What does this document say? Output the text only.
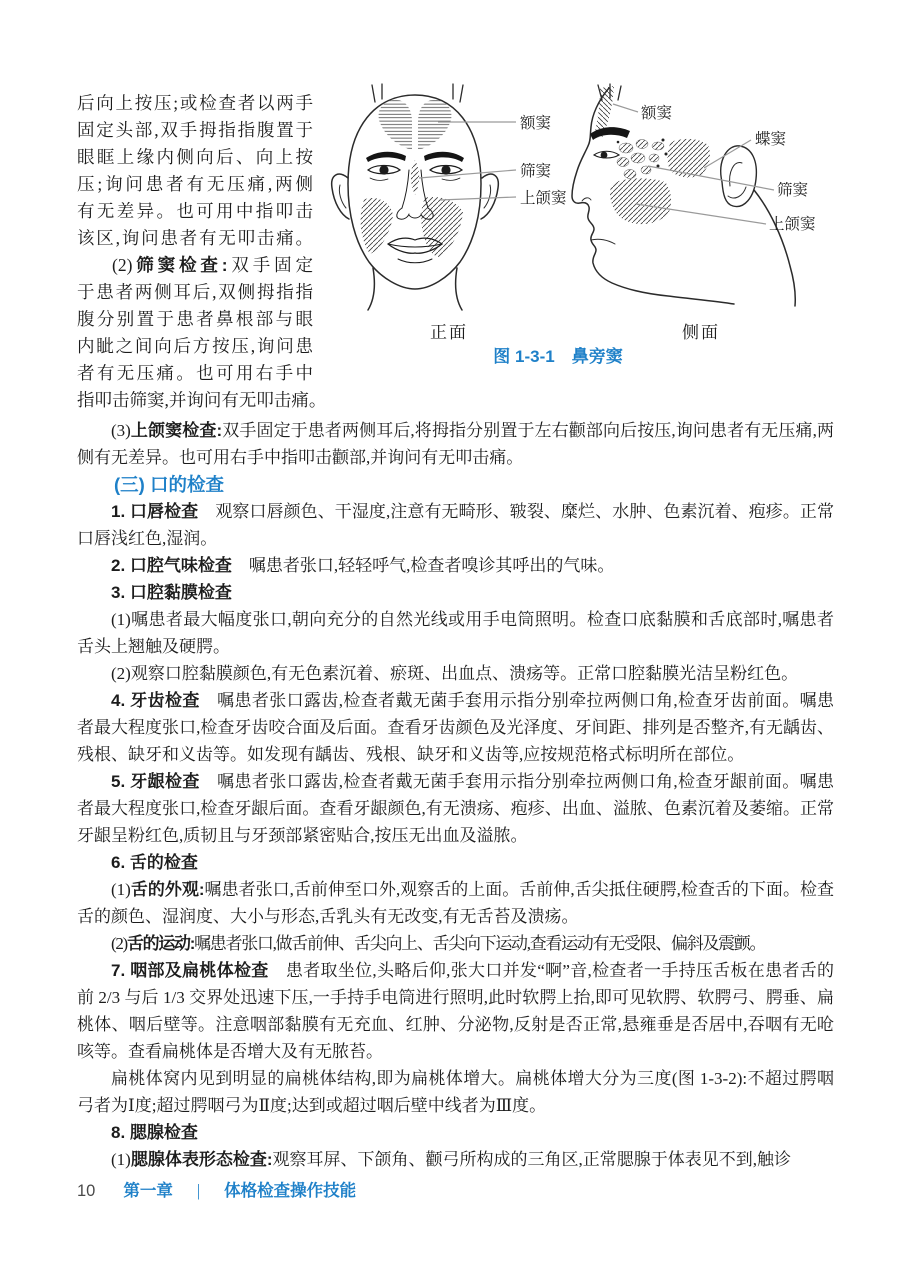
后向上按压;或检查者以两手
固定头部,双手拇指指腹置于
眼眶上缘内侧向后、向上按
压;询问患者有无压痛,两侧
有无差异。也可用中指叩击
该区,询问患者有无叩击痛。
(2)筛窦检查:双手固定
于患者两侧耳后,双侧拇指指
腹分别置于患者鼻根部与眼
内眦之间向后方按压,询问患
者有无压痛。也可用右手中
指叩击筛窦,并询问有无叩击痛。
额窦
筛窦
上颌窦
额窦
蝶窦
筛窦
上颌窦
正面	侧面
图 1-3-1　鼻旁窦

(3)上颌窦检查:双手固定于患者两侧耳后,将拇指分别置于左右颧部向后按压,询问患者有无压痛,两侧有无差异。也可用右手中指叩击颧部,并询问有无叩击痛。

(三) 口的检查

1. 口唇检查　观察口唇颜色、干湿度,注意有无畸形、皲裂、糜烂、水肿、色素沉着、疱疹。正常口唇浅红色,湿润。

2. 口腔气味检查　嘱患者张口,轻轻呼气,检查者嗅诊其呼出的气味。

3. 口腔黏膜检查

(1)嘱患者最大幅度张口,朝向充分的自然光线或用手电筒照明。检查口底黏膜和舌底部时,嘱患者舌头上翘触及硬腭。

(2)观察口腔黏膜颜色,有无色素沉着、瘀斑、出血点、溃疡等。正常口腔黏膜光洁呈粉红色。

4. 牙齿检查　嘱患者张口露齿,检查者戴无菌手套用示指分别牵拉两侧口角,检查牙齿前面。嘱患者最大程度张口,检查牙齿咬合面及后面。查看牙齿颜色及光泽度、牙间距、排列是否整齐,有无龋齿、残根、缺牙和义齿等。如发现有龋齿、残根、缺牙和义齿等,应按规范格式标明所在部位。

5. 牙龈检查　嘱患者张口露齿,检查者戴无菌手套用示指分别牵拉两侧口角,检查牙龈前面。嘱患者最大程度张口,检查牙龈后面。查看牙龈颜色,有无溃疡、疱疹、出血、溢脓、色素沉着及萎缩。正常牙龈呈粉红色,质韧且与牙颈部紧密贴合,按压无出血及溢脓。

6. 舌的检查

(1)舌的外观:嘱患者张口,舌前伸至口外,观察舌的上面。舌前伸,舌尖抵住硬腭,检查舌的下面。检查舌的颜色、湿润度、大小与形态,舌乳头有无改变,有无舌苔及溃疡。

(2)舌的运动:嘱患者张口,做舌前伸、舌尖向上、舌尖向下运动,查看运动有无受限、偏斜及震颤。

7. 咽部及扁桃体检查　患者取坐位,头略后仰,张大口并发“啊”音,检查者一手持压舌板在患者舌的前 2/3 与后 1/3 交界处迅速下压,一手持手电筒进行照明,此时软腭上抬,即可见软腭、软腭弓、腭垂、扁桃体、咽后壁等。注意咽部黏膜有无充血、红肿、分泌物,反射是否正常,悬雍垂是否居中,吞咽有无呛咳等。查看扁桃体是否增大及有无脓苔。

扁桃体窝内见到明显的扁桃体结构,即为扁桃体增大。扁桃体增大分为三度(图 1-3-2):不超过腭咽弓者为Ⅰ度;超过腭咽弓为Ⅱ度;达到或超过咽后壁中线者为Ⅲ度。

8. 腮腺检查

(1)腮腺体表形态检查:观察耳屏、下颌角、颧弓所构成的三角区,正常腮腺于体表见不到,触诊

10 第一章 | 体格检查操作技能
